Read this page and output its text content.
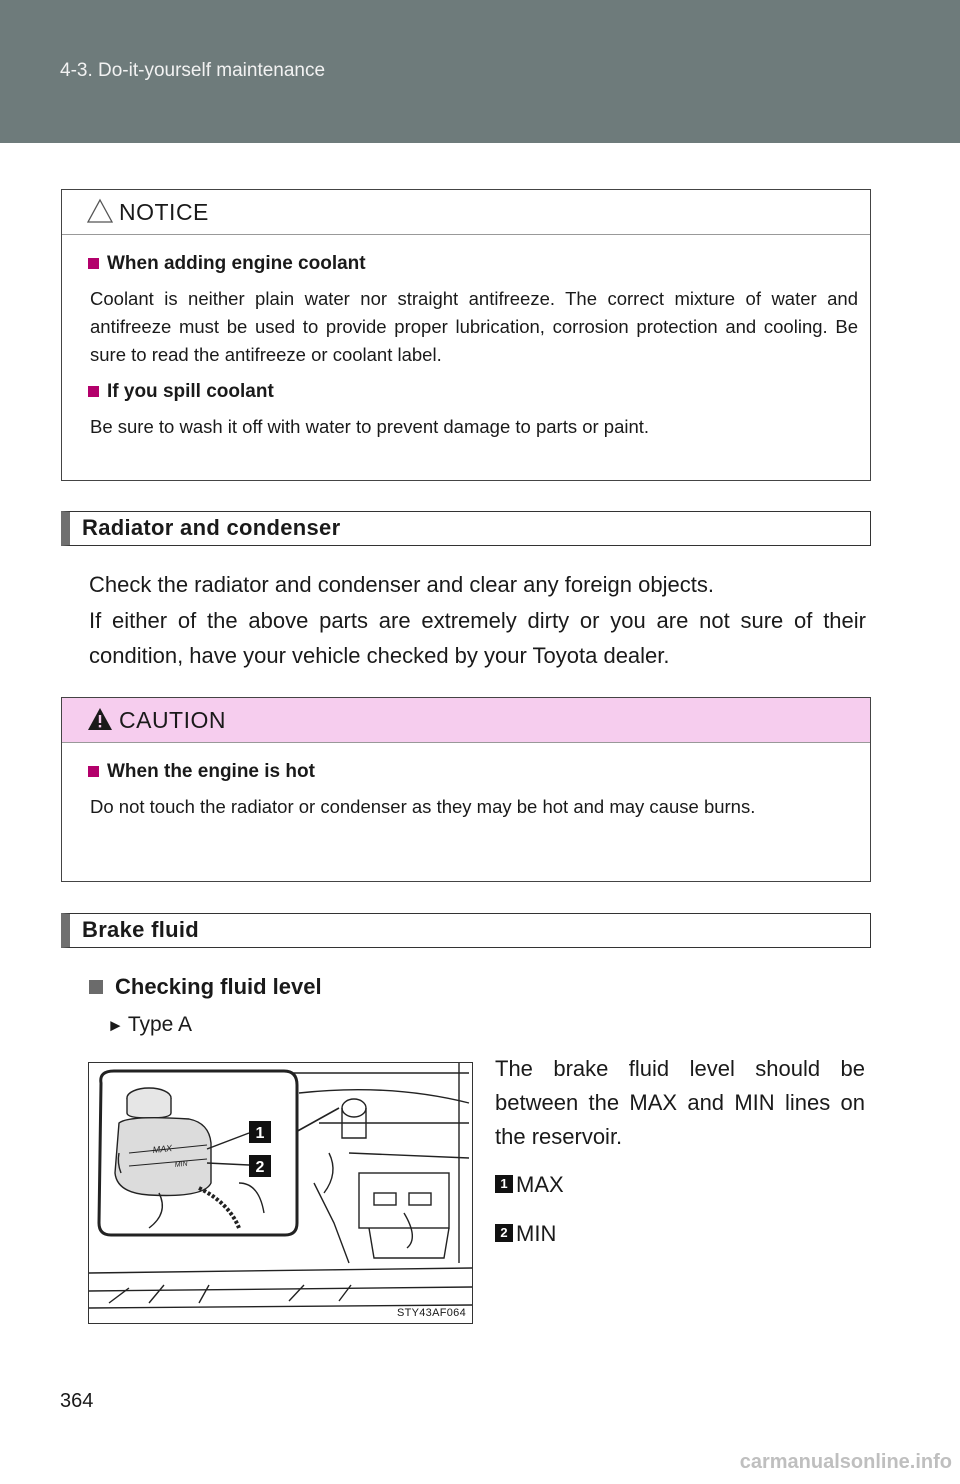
4-3. Do-it-yourself maintenance
NOTICE
When adding engine coolant

Coolant is neither plain water nor straight antifreeze. The correct mixture of water and antifreeze must be used to provide proper lubrication, corrosion protection and cooling. Be sure to read the antifreeze or coolant label.

If you spill coolant

Be sure to wash it off with water to prevent damage to parts or paint.

Radiator and condenser
Check the radiator and condenser and clear any foreign objects.
If either of the above parts are extremely dirty or you are not sure of their condition, have your vehicle checked by your Toyota dealer.
CAUTION
When the engine is hot

Do not touch the radiator or condenser as they may be hot and may cause burns.

Brake fluid
Checking fluid level
► Type A
MAX
MIN
1
2
STY43AF064
The brake fluid level should be between the MAX and MIN lines on the reservoir.
1 MAX
2 MIN
364
carmanualsonline.info
